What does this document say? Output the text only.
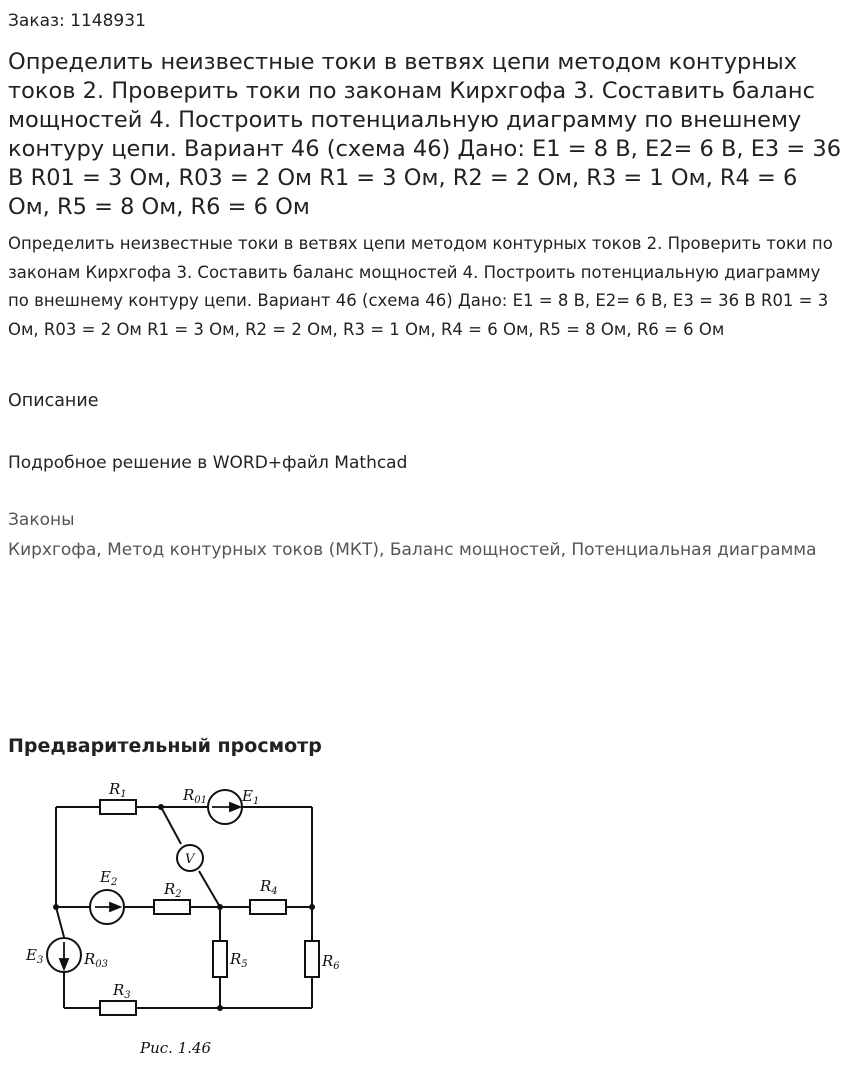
Заказ: 1148931
Определить неизвестные токи в ветвях цепи методом контурных токов 2. Проверить токи по законам Кирхгофа 3. Составить баланс мощностей 4. Построить потенциальную диаграмму по внешнему контуру цепи. Вариант 46 (схема 46) Дано: Е1 = 8 В, Е2= 6 В, Е3 = 36 В R01 = 3 Ом, R03 = 2 Ом R1 = 3 Ом, R2 = 2 Ом, R3 = 1 Ом, R4 = 6 Ом, R5 = 8 Ом, R6 = 6 Ом
Определить неизвестные токи в ветвях цепи методом контурных токов 2. Проверить токи по законам Кирхгофа 3. Составить баланс мощностей 4. Построить потенциальную диаграмму по внешнему контуру цепи. Вариант 46 (схема 46) Дано: Е1 = 8 В, Е2= 6 В, Е3 = 36 В R01 = 3 Ом, R03 = 2 Ом R1 = 3 Ом, R2 = 2 Ом, R3 = 1 Ом, R4 = 6 Ом, R5 = 8 Ом, R6 = 6 Ом
Описание
Подробное решение в WORD+файл Mathcad
Законы
Кирхгофа, Метод контурных токов (МКТ), Баланс мощностей, Потенциальная диаграмма
Предварительный просмотр
$R_1$	$R_{01}$ $E_1$
V
$E_2$	$R_2$	$R_4$
$E_3$	$R_{03}$	$R_5$	$R_6$
$R_3$
Рис. 1.46
